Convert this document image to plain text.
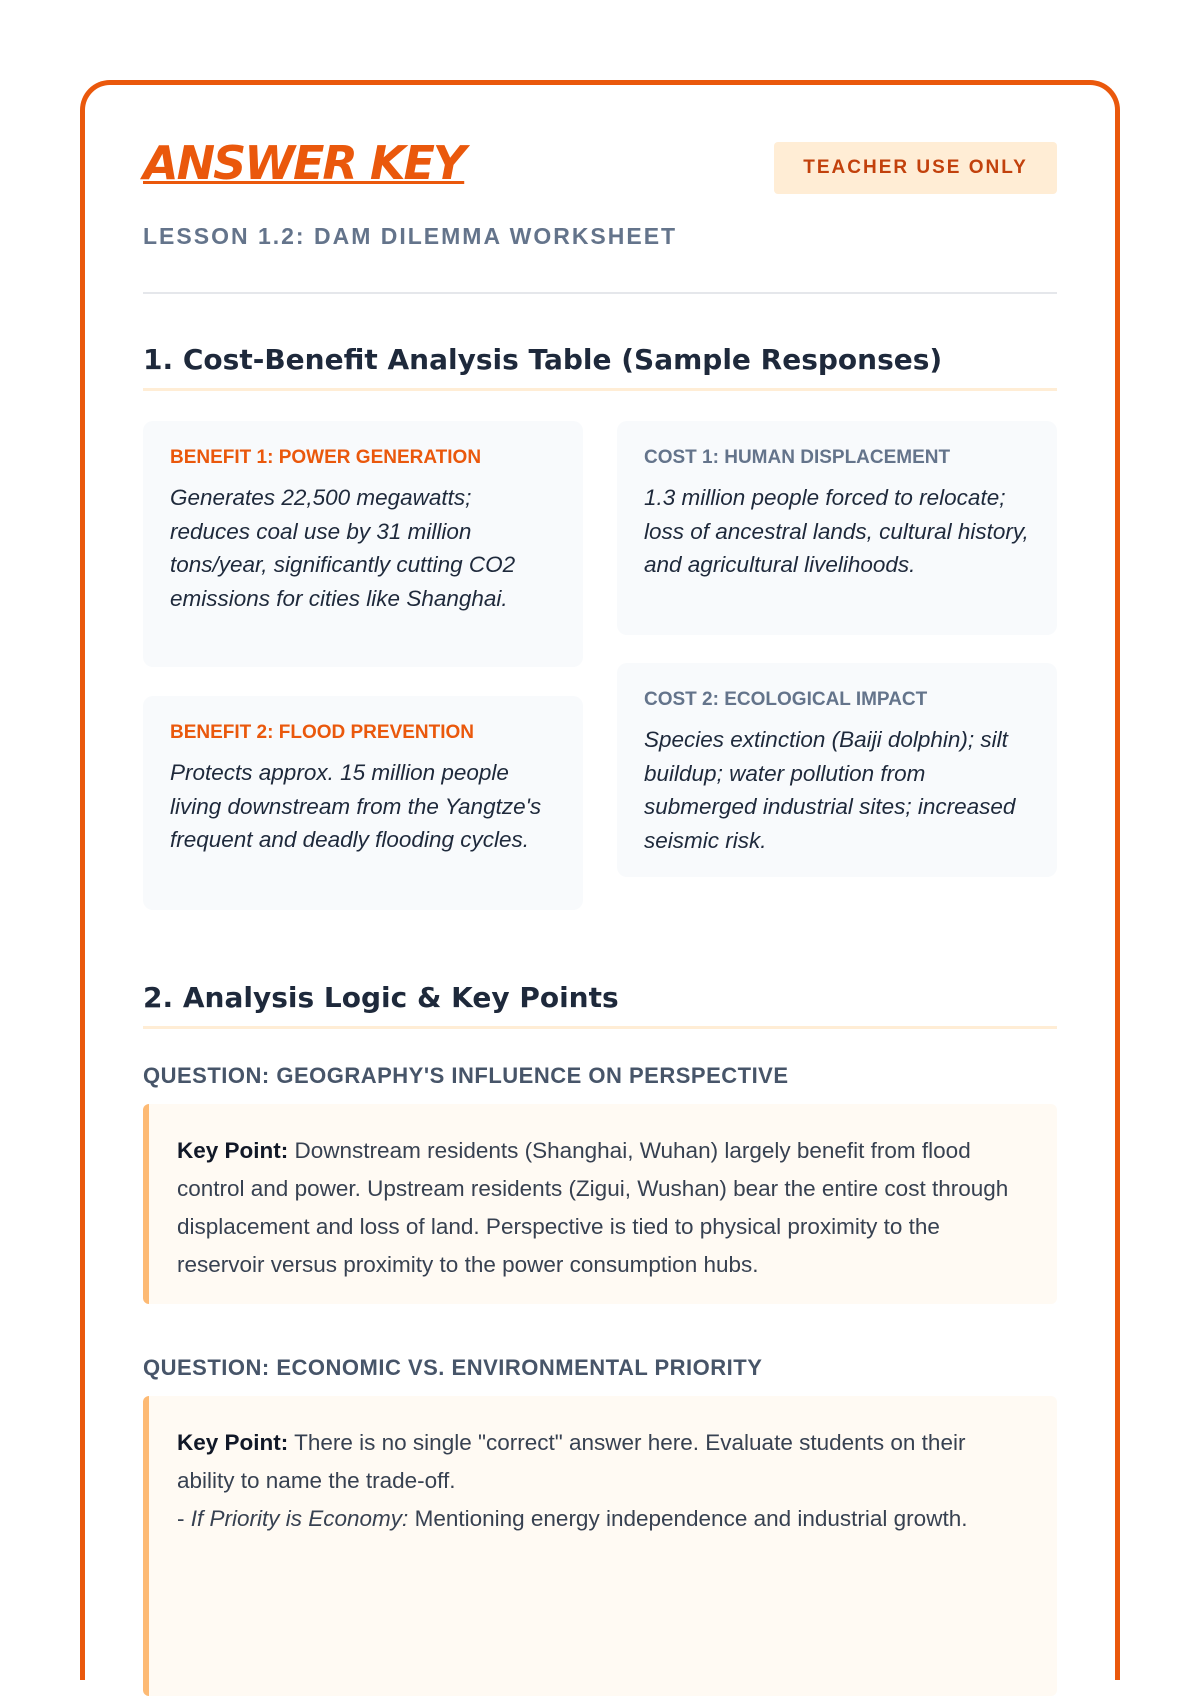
ANSWER KEY	TEACHER USE ONLY
LESSON 1.2: DAM DILEMMA WORKSHEET
1. Cost-Benefit Analysis Table (Sample Responses)
BENEFIT 1: POWER GENERATION
Generates 22,500 megawatts; reduces coal use by 31 million tons/year, significantly cutting CO2 emissions for cities like Shanghai.
BENEFIT 2: FLOOD PREVENTION
Protects approx. 15 million people living downstream from the Yangtze's frequent and deadly flooding cycles.
COST 1: HUMAN DISPLACEMENT
1.3 million people forced to relocate; loss of ancestral lands, cultural history, and agricultural livelihoods.
COST 2: ECOLOGICAL IMPACT
Species extinction (Baiji dolphin); silt buildup; water pollution from submerged industrial sites; increased seismic risk.
2. Analysis Logic & Key Points
QUESTION: GEOGRAPHY'S INFLUENCE ON PERSPECTIVE
Key Point: Downstream residents (Shanghai, Wuhan) largely benefit from flood control and power. Upstream residents (Zigui, Wushan) bear the entire cost through displacement and loss of land. Perspective is tied to physical proximity to the reservoir versus proximity to the power consumption hubs.
QUESTION: ECONOMIC VS. ENVIRONMENTAL PRIORITY
Key Point: There is no single "correct" answer here. Evaluate students on their ability to name the trade-off.
- If Priority is Economy: Mentioning energy independence and industrial growth.
